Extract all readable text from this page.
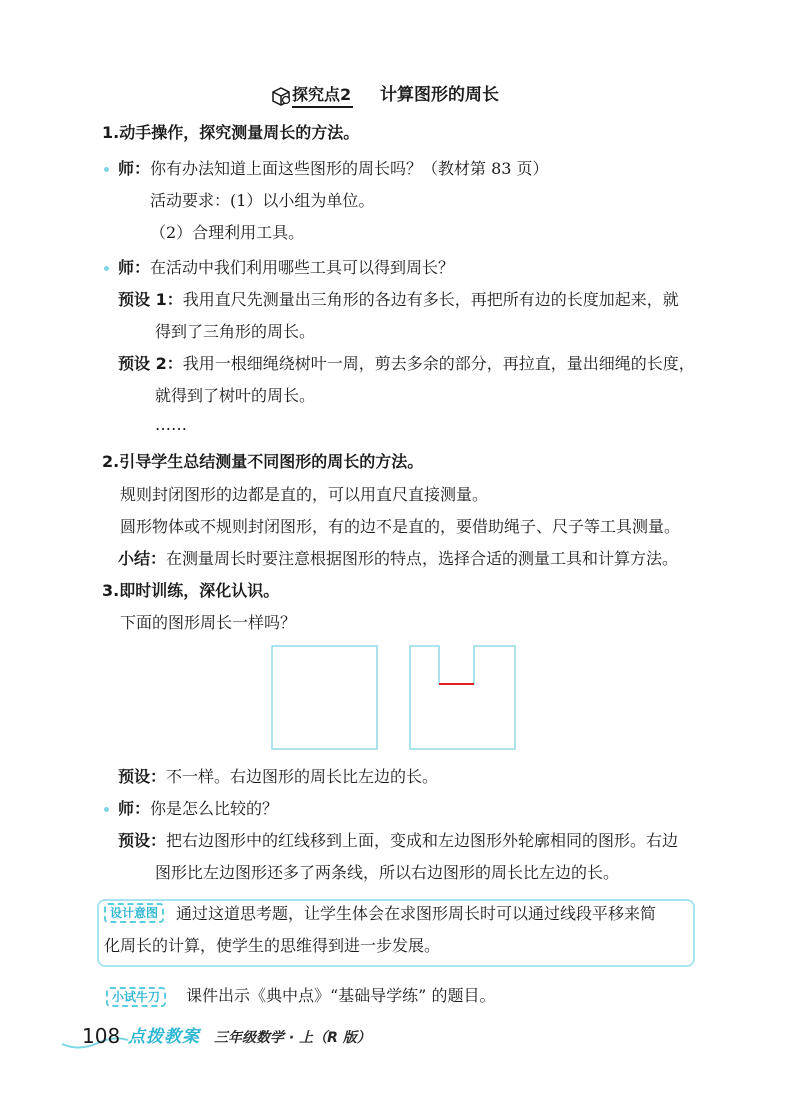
探究点2 计算图形的周长
1.动手操作，探究测量周长的方法。
师：你有办法知道上面这些图形的周长吗？（教材第 83 页）
活动要求：(1）以小组为单位。
（2）合理利用工具。
师：在活动中我们利用哪些工具可以得到周长？
预设 1：我用直尺先测量出三角形的各边有多长，再把所有边的长度加起来，就
得到了三角形的周长。
预设 2：我用一根细绳绕树叶一周，剪去多余的部分，再拉直，量出细绳的长度，
就得到了树叶的周长。
……
2.引导学生总结测量不同图形的周长的方法。
规则封闭图形的边都是直的，可以用直尺直接测量。
圆形物体或不规则封闭图形，有的边不是直的，要借助绳子、尺子等工具测量。
小结：在测量周长时要注意根据图形的特点，选择合适的测量工具和计算方法。
3.即时训练，深化认识。
下面的图形周长一样吗？
预设：不一样。右边图形的周长比左边的长。
师：你是怎么比较的？
预设：把右边图形中的红线移到上面，变成和左边图形外轮廓相同的图形。右边
图形比左边图形还多了两条线，所以右边图形的周长比左边的长。
设计意图	通过这道思考题，让学生体会在求图形周长时可以通过线段平移来简
化周长的计算，使学生的思维得到进一步发展。
小试牛刀	课件出示《典中点》“基础导学练” 的题目。
108 点拨教案 三年级数学 · 上（R 版）
